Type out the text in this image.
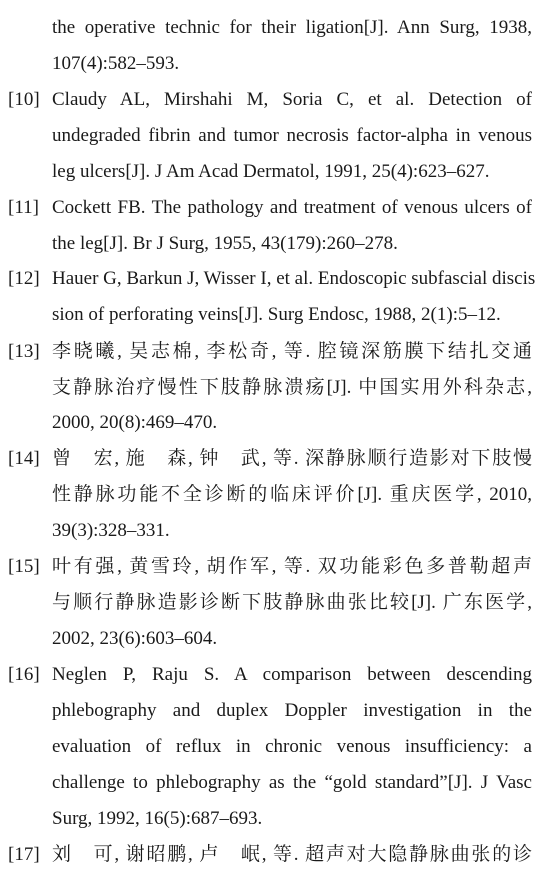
the operative technic for their ligation[J]. Ann Surg, 1938,
107(4):582–593.
[10] Claudy AL, Mirshahi M, Soria C, et al. Detection of
undegraded fibrin and tumor necrosis factor-alpha in venous
leg ulcers[J]. J Am Acad Dermatol, 1991, 25(4):623–627.
[11] Cockett FB. The pathology and treatment of venous ulcers of
the leg[J]. Br J Surg, 1955, 43(179):260–278.
[12] Hauer G, Barkun J, Wisser I, et al. Endoscopic subfascial discis
sion of perforating veins[J]. Surg Endosc, 1988, 2(1):5–12.
[13] 李晓曦, 吴志棉, 李松奇, 等. 腔镜深筋膜下结扎交通
支静脉治疗慢性下肢静脉溃疡[J]. 中国实用外科杂志,
2000, 20(8):469–470.
[14] 曾　宏, 施　森, 钟　武, 等. 深静脉顺行造影对下肢慢
性静脉功能不全诊断的临床评价[J]. 重庆医学, 2010,
39(3):328–331.
[15] 叶有强, 黄雪玲, 胡作军, 等. 双功能彩色多普勒超声
与顺行静脉造影诊断下肢静脉曲张比较[J]. 广东医学,
2002, 23(6):603–604.
[16] Neglen P, Raju S. A comparison between descending
phlebography and duplex Doppler investigation in the
evaluation of reflux in chronic venous insufficiency: a
challenge to phlebography as the “gold standard”[J]. J Vasc
Surg, 1992, 16(5):687–693.
[17] 刘　可, 谢昭鹏, 卢　岷, 等. 超声对大隐静脉曲张的诊
